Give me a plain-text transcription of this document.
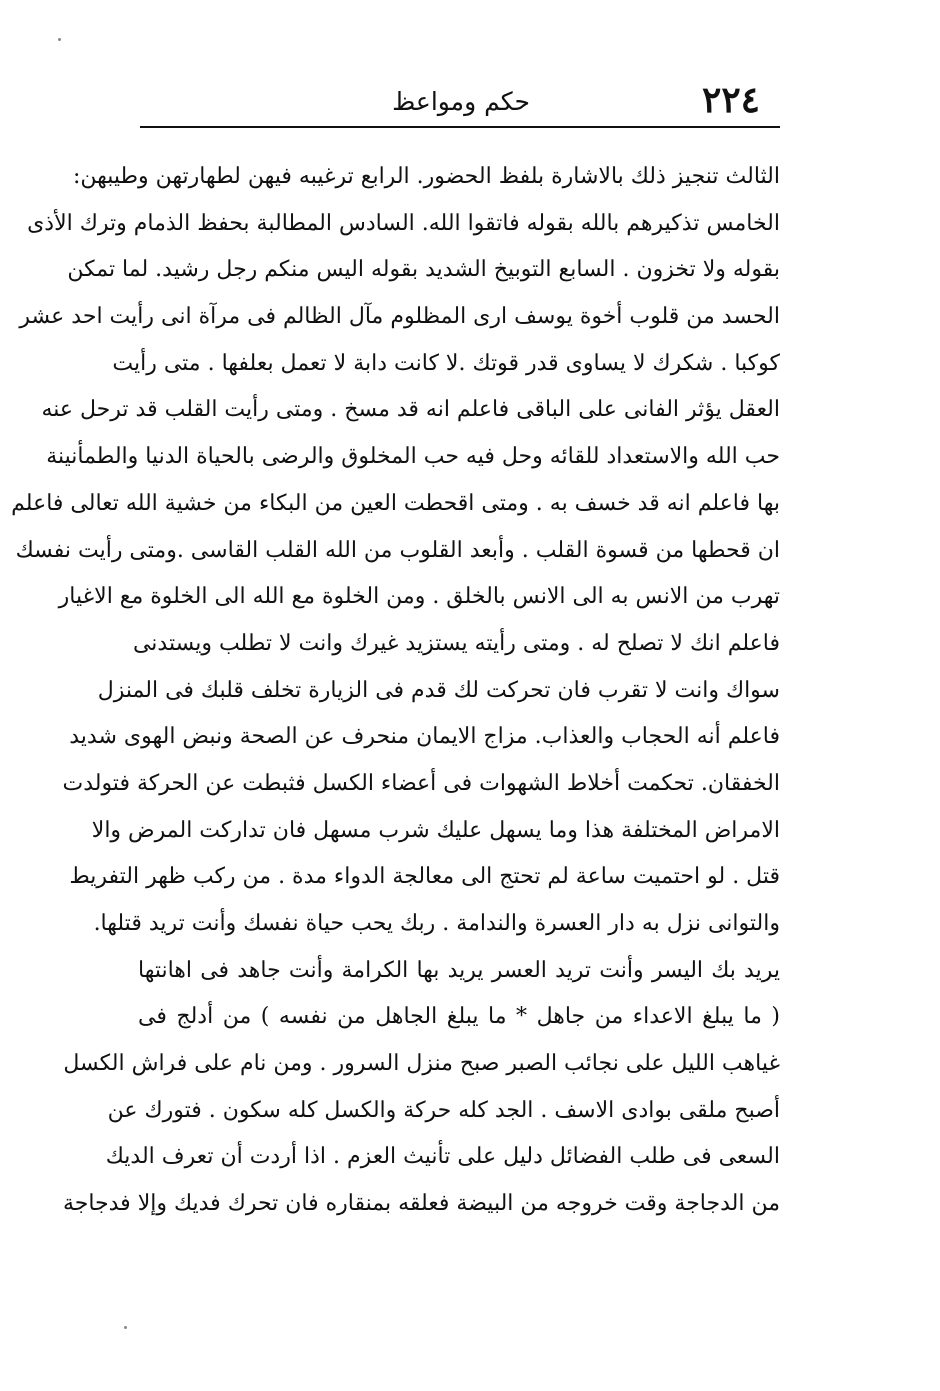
٢٢٤
حكم ومواعظ
الثالث تنجيز ذلك بالاشارة بلفظ الحضور. الرابع ترغيبه فيهن لطهارتهن وطيبهن:
الخامس تذكيرهم بالله بقوله فاتقوا الله. السادس المطالبة بحفظ الذمام وترك الأذى
بقوله ولا تخزون . السابع التوبيخ الشديد بقوله اليس منكم رجل رشيد. لما تمكن
الحسد من قلوب أخوة يوسف ارى المظلوم مآل الظالم فى مرآة انى رأيت احد عشر
كوكبا . شكرك لا يساوى قدر قوتك .لا كانت دابة لا تعمل بعلفها . متى رأيت
العقل يؤثر الفانى على الباقى فاعلم انه قد مسخ . ومتى رأيت القلب قد ترحل عنه
حب الله والاستعداد للقائه وحل فيه حب المخلوق والرضى بالحياة الدنيا والطمأنينة
بها فاعلم انه قد خسف به . ومتى اقحطت العين من البكاء من خشية الله تعالى فاعلم
ان قحطها من قسوة القلب . وأبعد القلوب من الله القلب القاسى .ومتى رأيت نفسك
تهرب من الانس به الى الانس بالخلق . ومن الخلوة مع الله الى الخلوة مع الاغيار
فاعلم انك لا تصلح له . ومتى رأيته يستزيد غيرك وانت لا تطلب ويستدنى
سواك وانت لا تقرب فان تحركت لك قدم فى الزيارة تخلف قلبك فى المنزل
فاعلم أنه الحجاب والعذاب. مزاج الايمان منحرف عن الصحة ونبض الهوى شديد
الخفقان. تحكمت أخلاط الشهوات فى أعضاء الكسل فثبطت عن الحركة فتولدت
الامراض المختلفة هذا وما يسهل عليك شرب مسهل فان تداركت المرض والا
قتل . لو احتميت ساعة لم تحتج الى معالجة الدواء مدة . من ركب ظهر التفريط
والتوانى نزل به دار العسرة والندامة . ربك يحب حياة نفسك وأنت تريد قتلها.
يريد بك اليسر وأنت تريد العسر يريد بها الكرامة وأنت جاهد فى اهانتها
( ما يبلغ الاعداء من جاهل * ما يبلغ الجاهل من نفسه ) من أدلج فى
غياهب الليل على نجائب الصبر صبح منزل السرور . ومن نام على فراش الكسل
أصبح ملقى بوادى الاسف . الجد كله حركة والكسل كله سكون . فتورك عن
السعى فى طلب الفضائل دليل على تأنيث العزم . اذا أردت أن تعرف الديك
من الدجاجة وقت خروجه من البيضة فعلقه بمنقاره فان تحرك فديك وإلا فدجاجة
